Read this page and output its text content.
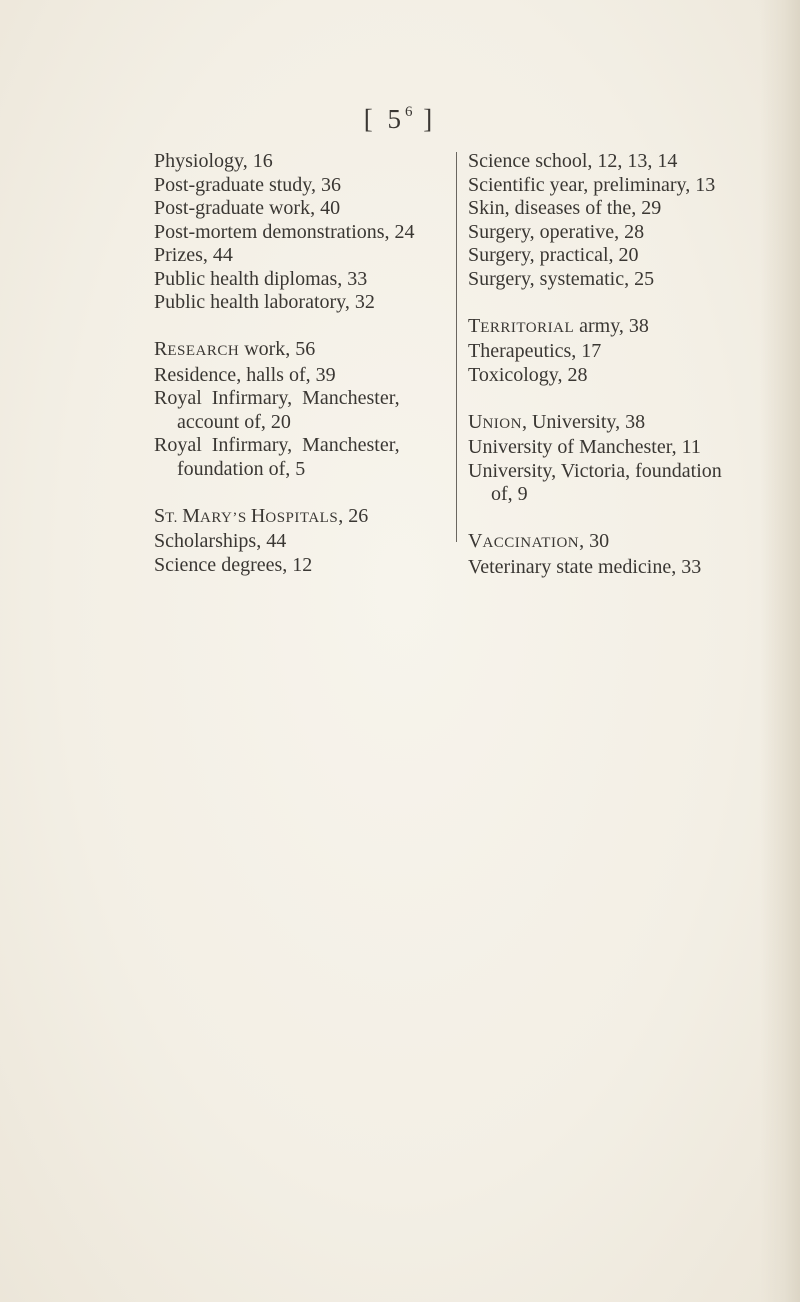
[ $5^6$ ]
Physiology, 16
Post-graduate study, 36
Post-graduate work, 40
Post-mortem demonstrations, 24
Prizes, 44
Public health diplomas, 33
Public health laboratory, 32
RESEARCH work, 56
Residence, halls of, 39
Royal  Infirmary,  Manchester,
account of, 20
Royal  Infirmary,  Manchester,
foundation of, 5
ST. MARY’S HOSPITALS, 26
Scholarships, 44
Science degrees, 12
Science school, 12, 13, 14
Scientific year, preliminary, 13
Skin, diseases of the, 29
Surgery, operative, 28
Surgery, practical, 20
Surgery, systematic, 25
TERRITORIAL army, 38
Therapeutics, 17
Toxicology, 28
UNION, University, 38
University of Manchester, 11
University, Victoria, foundation
of, 9
VACCINATION, 30
Veterinary state medicine, 33
